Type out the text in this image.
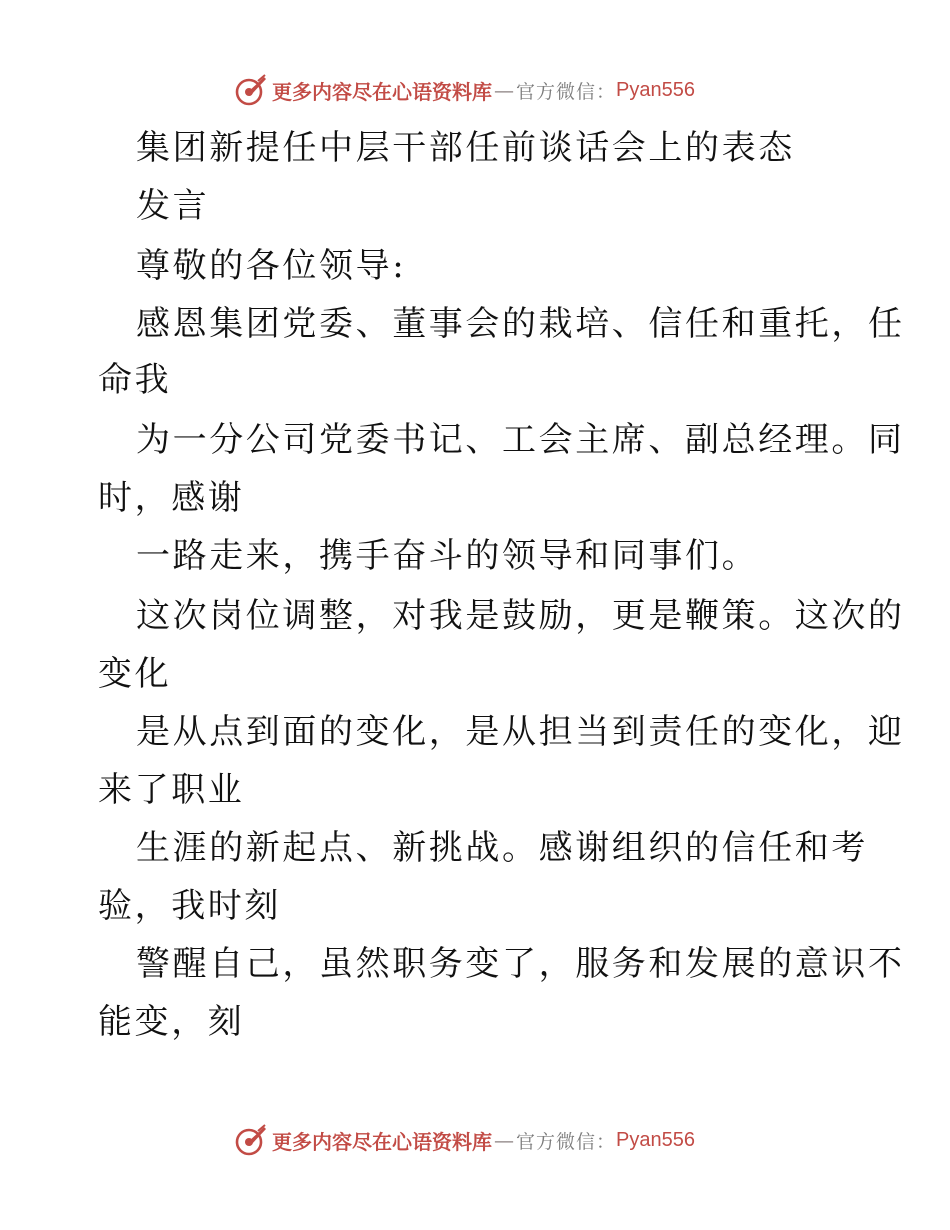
更多内容尽在心语资料库 — 官方微信： Pyan556
集团新提任中层干部任前谈话会上的表态
发言
尊敬的各位领导:
感恩集团党委、董事会的栽培、信任和重托，任
命我
为一分公司党委书记、工会主席、副总经理。同
时，感谢
一路走来，携手奋斗的领导和同事们。
这次岗位调整，对我是鼓励，更是鞭策。这次的
变化
是从点到面的变化，是从担当到责任的变化，迎
来了职业
生涯的新起点、新挑战。感谢组织的信任和考
验，我时刻
警醒自己，虽然职务变了，服务和发展的意识不
能变，刻
更多内容尽在心语资料库 — 官方微信： Pyan556
